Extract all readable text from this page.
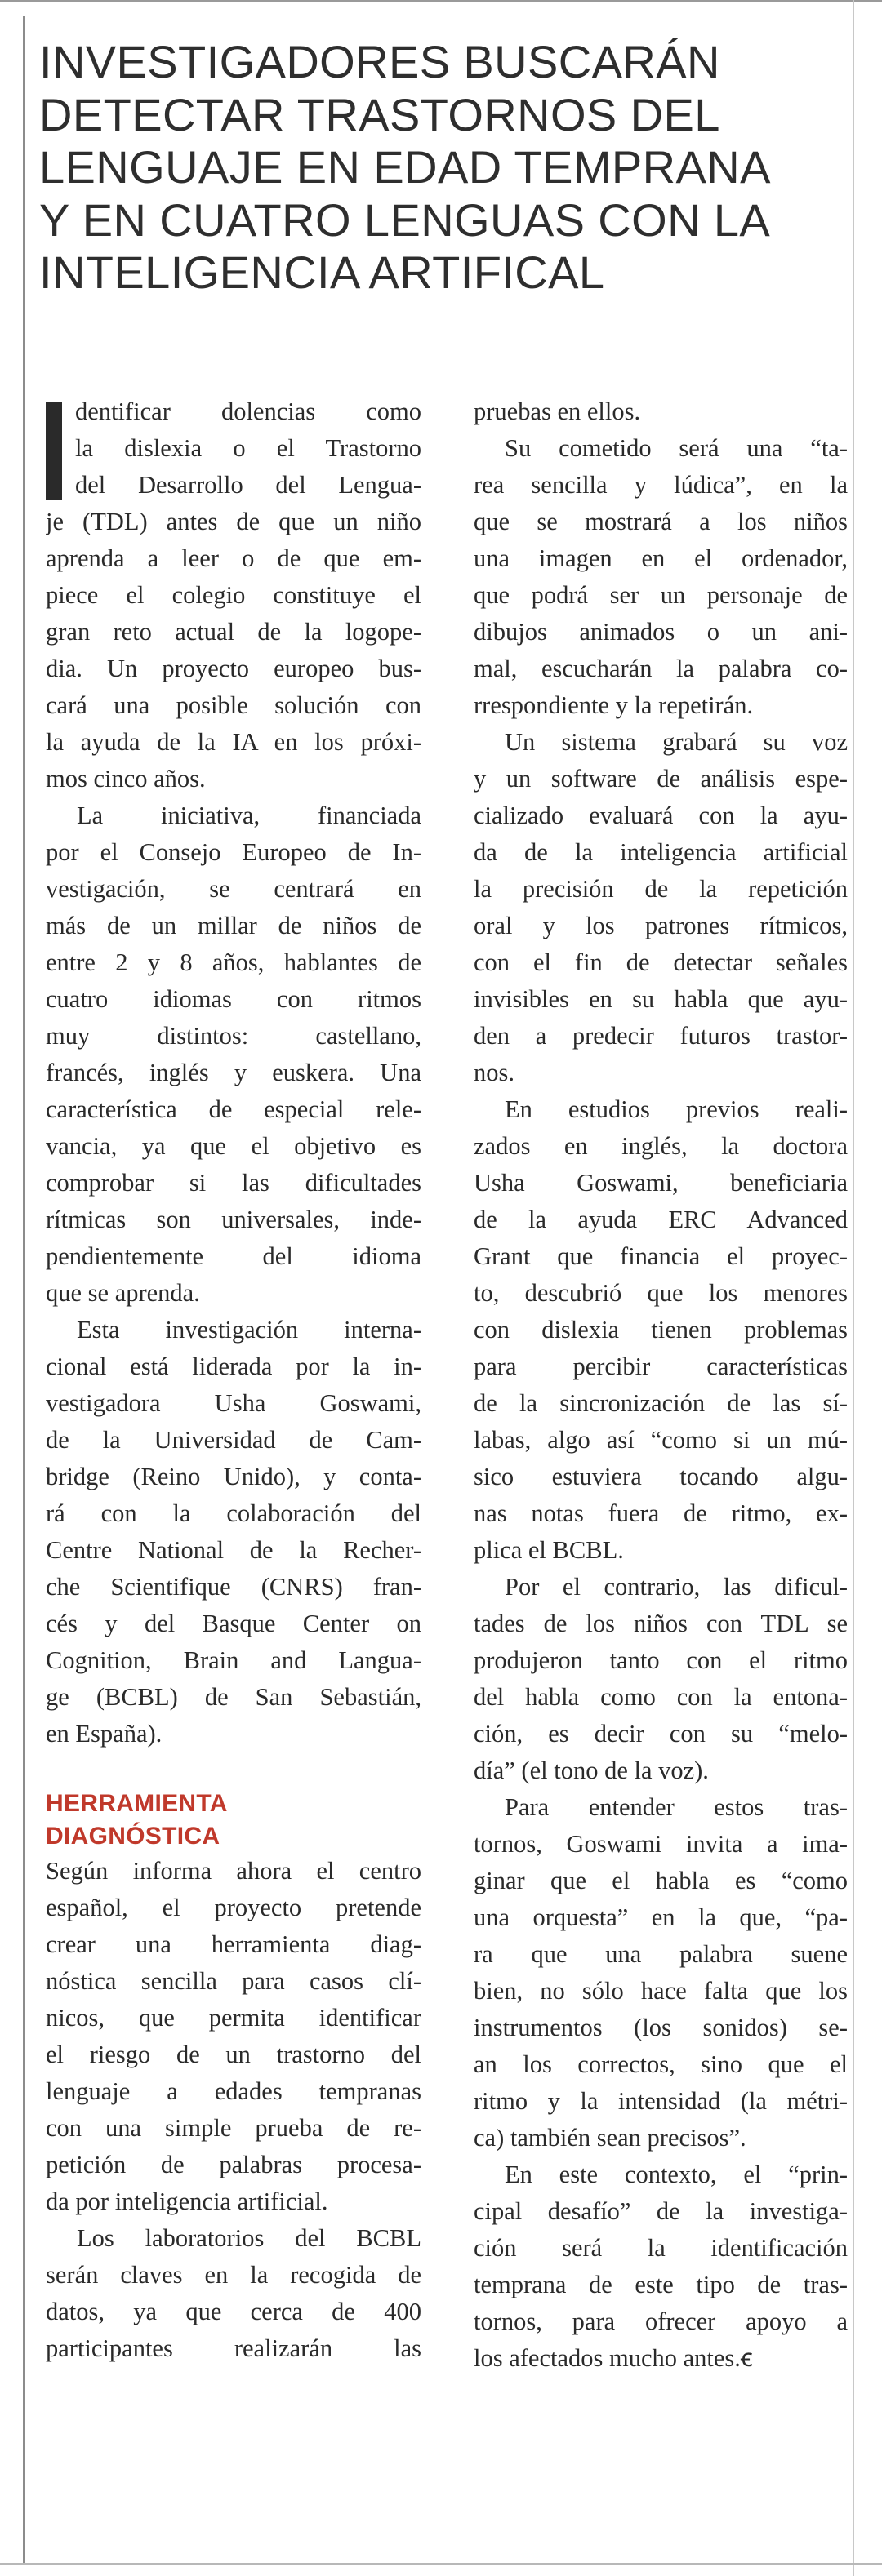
INVESTIGADORES BUSCARÁN
DETECTAR TRASTORNOS DEL
LENGUAJE EN EDAD TEMPRANA
Y EN CUATRO LENGUAS CON LA
INTELIGENCIA ARTIFICAL

dentificar dolencias como
la dislexia o el Trastorno
del Desarrollo del Lengua-
je (TDL) antes de que un niño
aprenda a leer o de que em-
piece el colegio constituye el
gran reto actual de la logope-
dia. Un proyecto europeo bus-
cará una posible solución con
la ayuda de la IA en los próxi-
mos cinco años.

La iniciativa, financiada
por el Consejo Europeo de In-
vestigación, se centrará en
más de un millar de niños de
entre 2 y 8 años, hablantes de
cuatro idiomas con ritmos
muy distintos: castellano,
francés, inglés y euskera. Una
característica de especial rele-
vancia, ya que el objetivo es
comprobar si las dificultades
rítmicas son universales, inde-
pendientemente del idioma
que se aprenda.

Esta investigación interna-
cional está liderada por la in-
vestigadora Usha Goswami,
de la Universidad de Cam-
bridge (Reino Unido), y conta-
rá con la colaboración del
Centre National de la Recher-
che Scientifique (CNRS) fran-
cés y del Basque Center on
Cognition, Brain and Langua-
ge (BCBL) de San Sebastián,
en España).

HERRAMIENTA
DIAGNÓSTICA

Según informa ahora el centro
español, el proyecto pretende
crear una herramienta diag-
nóstica sencilla para casos clí-
nicos, que permita identificar
el riesgo de un trastorno del
lenguaje a edades tempranas
con una simple prueba de re-
petición de palabras procesa-
da por inteligencia artificial.

Los laboratorios del BCBL
serán claves en la recogida de
datos, ya que cerca de 400
participantes realizarán las

pruebas en ellos.

Su cometido será una “ta-
rea sencilla y lúdica”, en la
que se mostrará a los niños
una imagen en el ordenador,
que podrá ser un personaje de
dibujos animados o un ani-
mal, escucharán la palabra co-
rrespondiente y la repetirán.

Un sistema grabará su voz
y un software de análisis espe-
cializado evaluará con la ayu-
da de la inteligencia artificial
la precisión de la repetición
oral y los patrones rítmicos,
con el fin de detectar señales
invisibles en su habla que ayu-
den a predecir futuros trastor-
nos.

En estudios previos reali-
zados en inglés, la doctora
Usha Goswami, beneficiaria
de la ayuda ERC Advanced
Grant que financia el proyec-
to, descubrió que los menores
con dislexia tienen problemas
para percibir características
de la sincronización de las sí-
labas, algo así “como si un mú-
sico estuviera tocando algu-
nas notas fuera de ritmo, ex-
plica el BCBL.

Por el contrario, las dificul-
tades de los niños con TDL se
produjeron tanto con el ritmo
del habla como con la entona-
ción, es decir con su “melo-
día” (el tono de la voz).

Para entender estos tras-
tornos, Goswami invita a ima-
ginar que el habla es “como
una orquesta” en la que, “pa-
ra que una palabra suene
bien, no sólo hace falta que los
instrumentos (los sonidos) se-
an los correctos, sino que el
ritmo y la intensidad (la métri-
ca) también sean precisos”.

En este contexto, el “prin-
cipal desafío” de la investiga-
ción será la identificación
temprana de este tipo de tras-
tornos, para ofrecer apoyo a
los afectados mucho antes.ꞓ
